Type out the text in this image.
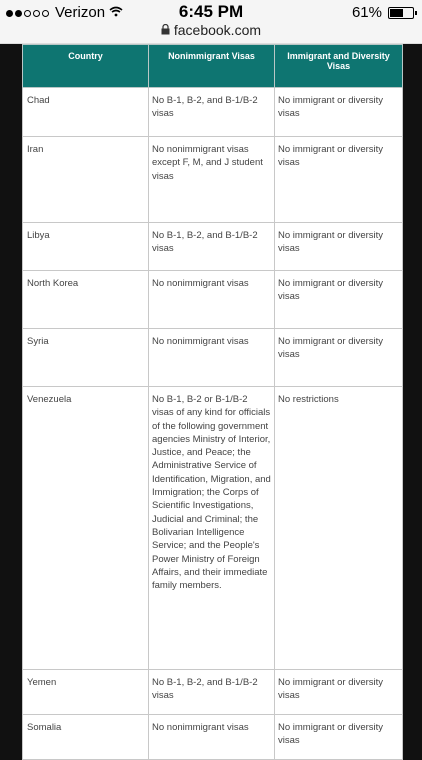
Verizon	6:45 PM
facebook.com
61%
Country	Nonimmigrant Visas	Immigrant and Diversity Visas
Chad	No B-1, B-2, and B-1/B-2 visas	No immigrant or diversity visas
Iran	No nonimmigrant visas except F, M, and J student visas	No immigrant or diversity visas
Libya	No B-1, B-2, and B-1/B-2 visas	No immigrant or diversity visas
North Korea	No nonimmigrant visas	No immigrant or diversity visas
Syria	No nonimmigrant visas	No immigrant or diversity visas
Venezuela	No B-1, B-2 or B-1/B-2 visas of any kind for officials of the following government agencies Ministry of Interior, Justice, and Peace; the Administrative Service of Identification, Migration, and Immigration; the Corps of Scientific Investigations, Judicial and Criminal; the Bolivarian Intelligence Service; and the People's Power Ministry of Foreign Affairs, and their immediate family members.	No restrictions
Yemen	No B-1, B-2, and B-1/B-2 visas	No immigrant or diversity visas
Somalia	No nonimmigrant visas	No immigrant or diversity visas
